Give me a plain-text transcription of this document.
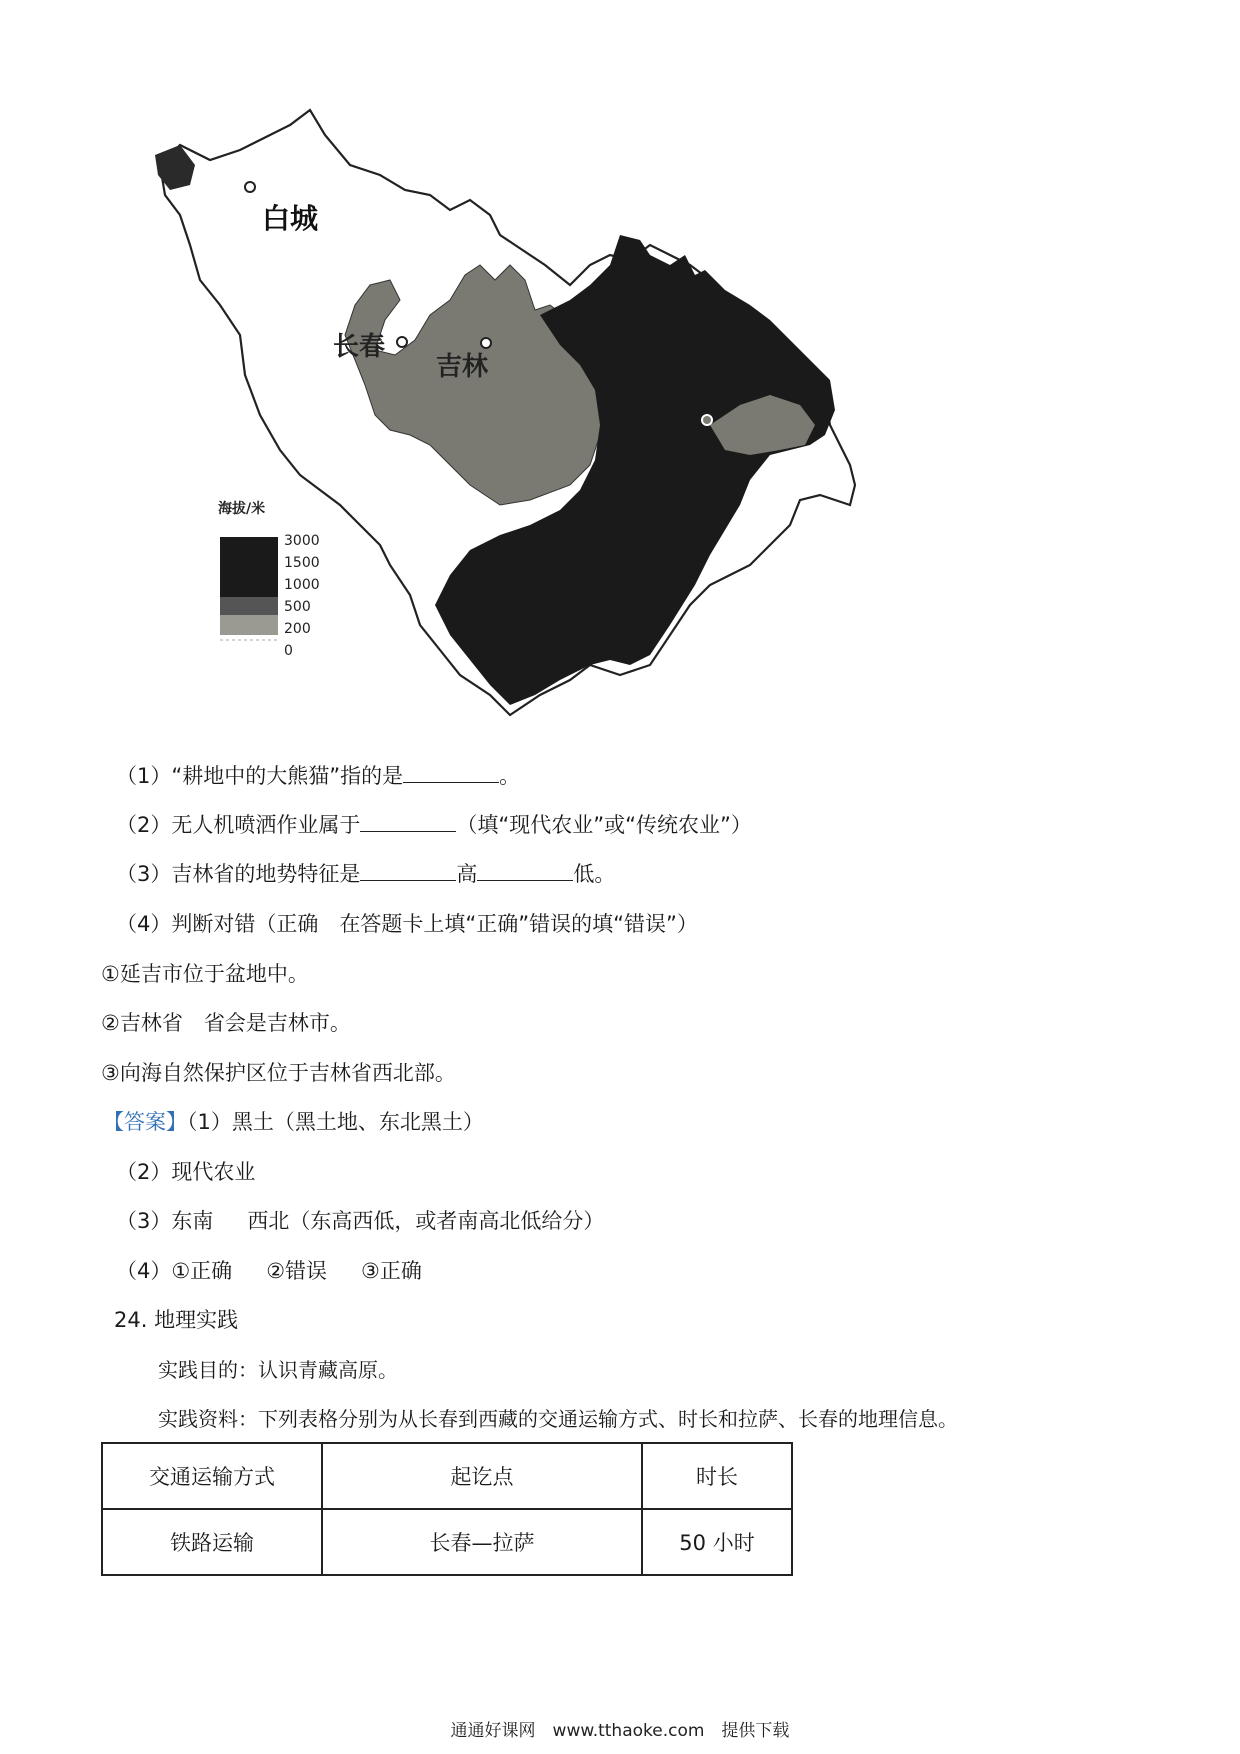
白城
长春
吉林
海拔/米
3000
1500
1000
500
200
0
（1）“耕地中的大熊猫”指的是	。
（2）无人机喷洒作业属于	（填“现代农业”或“传统农业”）
（3）吉林省的地势特征是	高	低。
（4）判断对错（正确　在答题卡上填“正确”错误的填“错误”）
①延吉市位于盆地中。
②吉林省　省会是吉林市。
③向海自然保护区位于吉林省西北部。
【答案】（1）黑土（黑土地、东北黑土）
（2）现代农业
（3）东南 西北（东高西低，或者南高北低给分）
（4）①正确 ②错误 ③正确
24. 地理实践
实践目的：认识青藏高原。
实践资料：下列表格分别为从长春到西藏的交通运输方式、时长和拉萨、长春的地理信息。
交通运输方式	起讫点	时长
铁路运输	长春—拉萨	50 小时
通通好课网　www.tthaoke.com　提供下载
